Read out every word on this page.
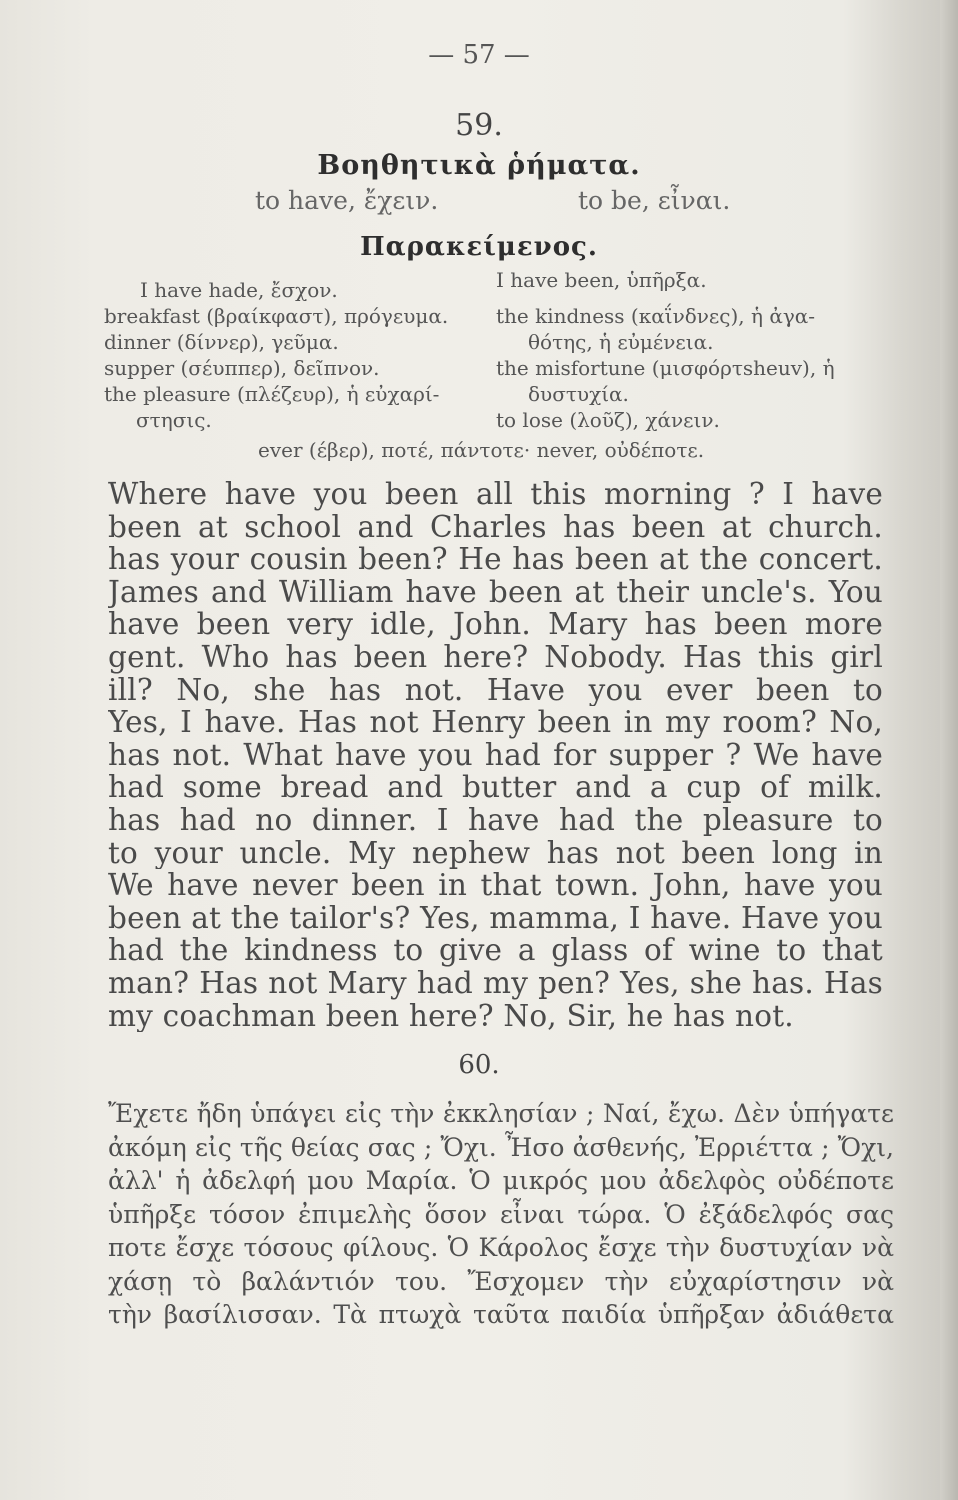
— 57 —
59.
Βοηθητικὰ ῥήματα.
to have, ἔχειν.	to be, εἶναι.
Παρακείμενος.
I have hade, ἔσχον.
breakfast (βραίκφαστ), πρόγευμα.
dinner (δίννερ), γεῦμα.
supper (σέυππερ), δεῖπνον.
the pleasure (πλέζευρ), ἡ εὐχαρί-
στησις.
I have been, ὑπῆρξα.
the kindness (καΐνδνες), ἡ ἀγα-
θότης, ἡ εὐμένεια.
the misfortune (μισφόρτsheuv), ἡ
δυστυχία.
to lose (λοῦζ), χάνειν.
ever (έβερ), ποτέ, πάντοτε· never, οὐδέποτε.
Where have you been all this morning ? I have
been at school and Charles has been at church.
has your cousin been? He has been at the concert.
James and William have been at their uncle's. You
have been very idle, John. Mary has been more
gent. Who has been here? Nobody. Has this girl
ill? No, she has not. Have you ever been to
Yes, I have. Has not Henry been in my room? No,
has not. What have you had for supper ? We have
had some bread and butter and a cup of milk.
has had no dinner. I have had the pleasure to
to your uncle. My nephew has not been long in
We have never been in that town. John, have you
been at the tailor's? Yes, mamma, I have. Have you
had the kindness to give a glass of wine to that
man? Has not Mary had my pen? Yes, she has. Has
my coachman been here? No, Sir, he has not.
60.
Ἔχετε ἤδη ὑπάγει εἰς τὴν ἐκκλησίαν ; Ναί, ἔχω. Δὲν ὑπήγατε
ἀκόμη εἰς τῆς θείας σας ; Ὄχι. Ἦσο ἀσθενής, Ἐρριέττα ; Ὄχι,
ἀλλ' ἡ ἀδελφή μου Μαρία. Ὁ μικρός μου ἀδελφὸς οὐδέποτε
ὑπῆρξε τόσον ἐπιμελὴς ὅσον εἶναι τώρα. Ὁ ἐξάδελφός σας
ποτε ἔσχε τόσους φίλους. Ὁ Κάρολος ἔσχε τὴν δυστυχίαν νὰ
χάσῃ τὸ βαλάντιόν του. Ἔσχομεν τὴν εὐχαρίστησιν νὰ
τὴν βασίλισσαν. Τὰ πτωχὰ ταῦτα παιδία ὑπῆρξαν ἀδιάθετα
